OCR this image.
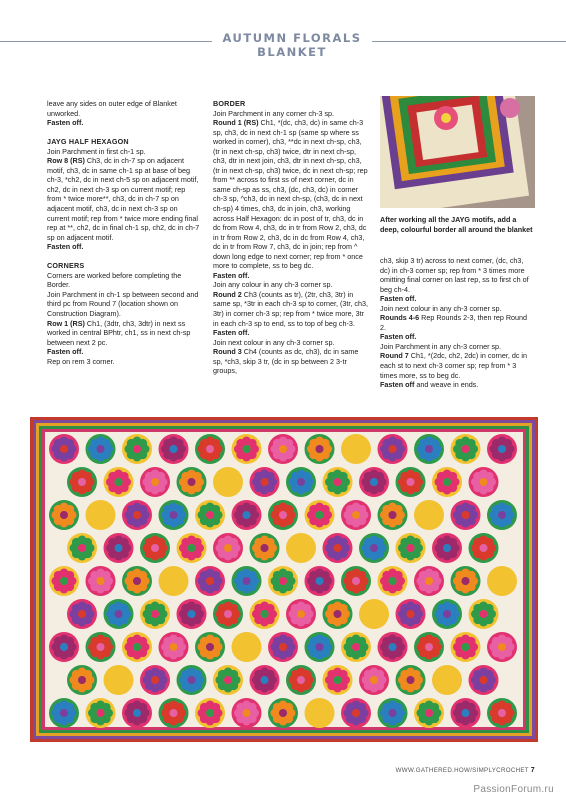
AUTUMN FLORALS BLANKET

leave any sides on outer edge of Blanket unworked.

Fasten off.

JAYG HALF HEXAGON

Join Parchment in first ch-1 sp.

Row 8 (RS) Ch3, dc in ch-7 sp on adjacent motif, ch3, dc in same ch-1 sp at base of beg ch-3, *ch2, dc in next ch-5 sp on adjacent motif, ch2, dc in next ch-3 sp on current motif; rep from * twice more**, ch3, dc in ch-7 sp on adjacent motif, ch3, dc in next ch-3 sp on current motif; rep from * twice more ending final rep at **, ch2, dc in final ch-1 sp, ch2, dc in ch-7 sp on adjacent motif.

Fasten off.

CORNERS

Corners are worked before completing the Border.

Join Parchment in ch-1 sp between second and third pc from Round 7 (location shown on Construction Diagram).

Row 1 (RS) Ch1, (3dtr, ch3, 3dtr) in next ss worked in central BPhtr, ch1, ss in next ch-sp between next 2 pc.

Fasten off.

Rep on rem 3 corner.

BORDER

Join Parchment in any corner ch-3 sp.

Round 1 (RS) Ch1, *(dc, ch3, dc) in same ch-3 sp, ch3, dc in next ch-1 sp (same sp where ss worked in corner), ch3, **dc in next ch-sp, ch3, (tr in next ch-sp, ch3) twice, dtr in next ch-sp, ch3, dtr in next join, ch3, dtr in next ch-sp, ch3, (tr in next ch-sp, ch3) twice, dc in next ch-sp; rep from ** across to first ss of next corner, dc in same ch-sp as ss, ch3, (dc, ch3, dc) in corner ch-3 sp, ^ch3, dc in next ch-sp, (ch3, dc in next ch-sp) 4 times, ch3, dc in join, ch3, working across Half Hexagon: dc in post of tr, ch3, dc in dc from Row 4, ch3, dc in tr from Row 2, ch3, dc in tr from Row 2, ch3, dc in dc from Row 4, ch3, dc in tr from Row 7, ch3, dc in join; rep from ^ down long edge to next corner; rep from * once more to complete, ss to beg dc.

Fasten off.

Join any colour in any ch-3 corner sp.

Round 2 Ch3 (counts as tr), (2tr, ch3, 3tr) in same sp, *3tr in each ch-3 sp to corner, (3tr, ch3, 3tr) in corner ch-3 sp; rep from * twice more, 3tr in each ch-3 sp to end, ss to top of beg ch-3.

Fasten off.

Join next colour in any ch-3 corner sp.

Round 3 Ch4 (counts as dc, ch3), dc in same sp, *ch3, skip 3 tr, (dc in sp between 2 3-tr groups,

After working all the JAYG motifs, add a deep, colourful border all around the blanket

ch3, skip 3 tr) across to next corner, (dc, ch3, dc) in ch-3 corner sp; rep from * 3 times more omitting final corner on last rep, ss to first ch of beg ch-4.

Fasten off.

Join next colour in any ch-3 corner sp.

Rounds 4-6 Rep Rounds 2-3, then rep Round 2.

Fasten off.

Join Parchment in any ch-3 corner sp.

Round 7 Ch1, *(2dc, ch2, 2dc) in corner, dc in each st to next ch-3 corner sp; rep from * 3 times more, ss to beg dc.

Fasten off and weave in ends.

WWW.GATHERED.HOW/SIMPLYCROCHET 7
PassionForum.ru
